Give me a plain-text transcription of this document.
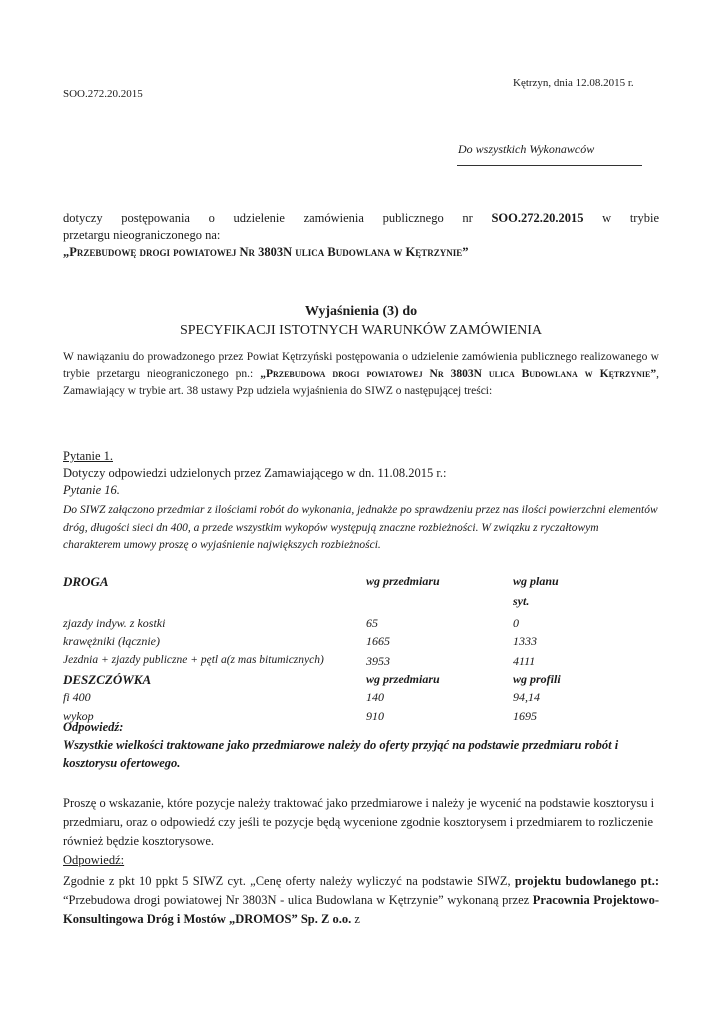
SOO.272.20.2015
Kętrzyn, dnia 12.08.2015 r.
Do wszystkich Wykonawców
dotyczy postępowania o udzielenie zamówienia publicznego nr SOO.272.20.2015 w trybie
przetargu nieograniczonego na:
„Przebudowę drogi powiatowej Nr 3803N ulica Budowlana w Kętrzynie”
Wyjaśnienia (3) do
SPECYFIKACJI ISTOTNYCH WARUNKÓW ZAMÓWIENIA
W nawiązaniu do prowadzonego przez Powiat Kętrzyński postępowania o udzielenie zamówienia publicznego realizowanego w trybie przetargu nieograniczonego pn.: „Przebudowa drogi powiatowej Nr 3803N ulica Budowlana w Kętrzynie”, Zamawiający w trybie art. 38 ustawy Pzp udziela wyjaśnienia do SIWZ o następującej treści:
Pytanie 1.
Dotyczy odpowiedzi udzielonych przez Zamawiającego w dn. 11.08.2015 r.:
Pytanie 16.
Do SIWZ załączono przedmiar z ilościami robót do wykonania, jednakże po sprawdzeniu przez nas ilości powierzchni elementów dróg, długości sieci dn 400, a przede wszystkim wykopów występują znaczne rozbieżności. W związku z ryczałtowym charakterem umowy proszę o wyjaśnienie największych rozbieżności.
DROGA	wg przedmiaru	wg planu
syt.
zjazdy indyw. z kostki	65	0
krawężniki (łącznie)	1665	1333
Jezdnia + zjazdy publiczne + pętl a(z mas bitumicznych)	3953	4111
DESZCZÓWKA	wg przedmiaru	wg profili
fi 400	140	94,14
wykop	910	1695
Odpowiedź:
Wszystkie wielkości traktowane jako przedmiarowe należy do oferty przyjąć na podstawie przedmiaru robót i kosztorysu ofertowego.
Proszę o wskazanie, które pozycje należy traktować jako przedmiarowe i należy je wycenić na podstawie kosztorysu i przedmiaru, oraz o odpowiedź czy jeśli te pozycje będą wycenione zgodnie kosztorysem i przedmiarem to rozliczenie również będzie kosztorysowe.
Odpowiedź:
Zgodnie z pkt 10 ppkt 5 SIWZ cyt. „Cenę oferty należy wyliczyć na podstawie SIWZ, projektu budowlanego pt.: “Przebudowa drogi powiatowej Nr 3803N - ulica Budowlana w Kętrzynie” wykonaną przez Pracownia Projektowo-Konsultingowa Dróg i Mostów „DROMOS” Sp. Z o.o. z
